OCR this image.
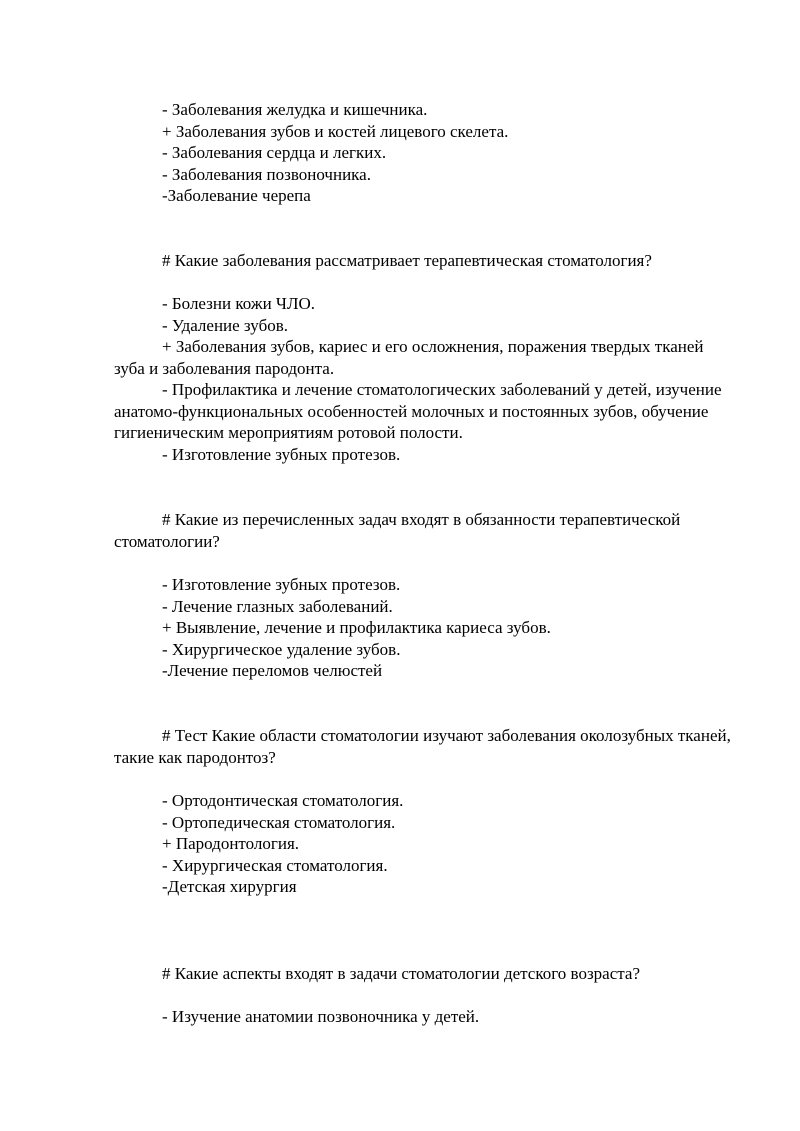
- Заболевания желудка и кишечника.
+ Заболевания зубов и костей лицевого скелета.
- Заболевания сердца и легких.
- Заболевания позвоночника.
-Заболевание черепа
# Какие заболевания рассматривает терапевтическая стоматология?
- Болезни кожи ЧЛО.
- Удаление зубов.
+ Заболевания зубов, кариес и его осложнения, поражения твердых тканей зуба и заболевания пародонта.
- Профилактика и лечение стоматологических заболеваний у детей, изучение анатомо-функциональных особенностей молочных и постоянных зубов, обучение гигиеническим мероприятиям ротовой полости.
- Изготовление зубных протезов.
# Какие из перечисленных задач входят в обязанности терапевтической стоматологии?
- Изготовление зубных протезов.
- Лечение глазных заболеваний.
+ Выявление, лечение и профилактика кариеса зубов.
- Хирургическое удаление зубов.
-Лечение переломов челюстей
# Тест Какие области стоматологии изучают заболевания околозубных тканей, такие как пародонтоз?
- Ортодонтическая стоматология.
- Ортопедическая стоматология.
+ Пародонтология.
- Хирургическая стоматология.
-Детская хирургия
# Какие аспекты входят в задачи стоматологии детского возраста?
- Изучение анатомии позвоночника у детей.
